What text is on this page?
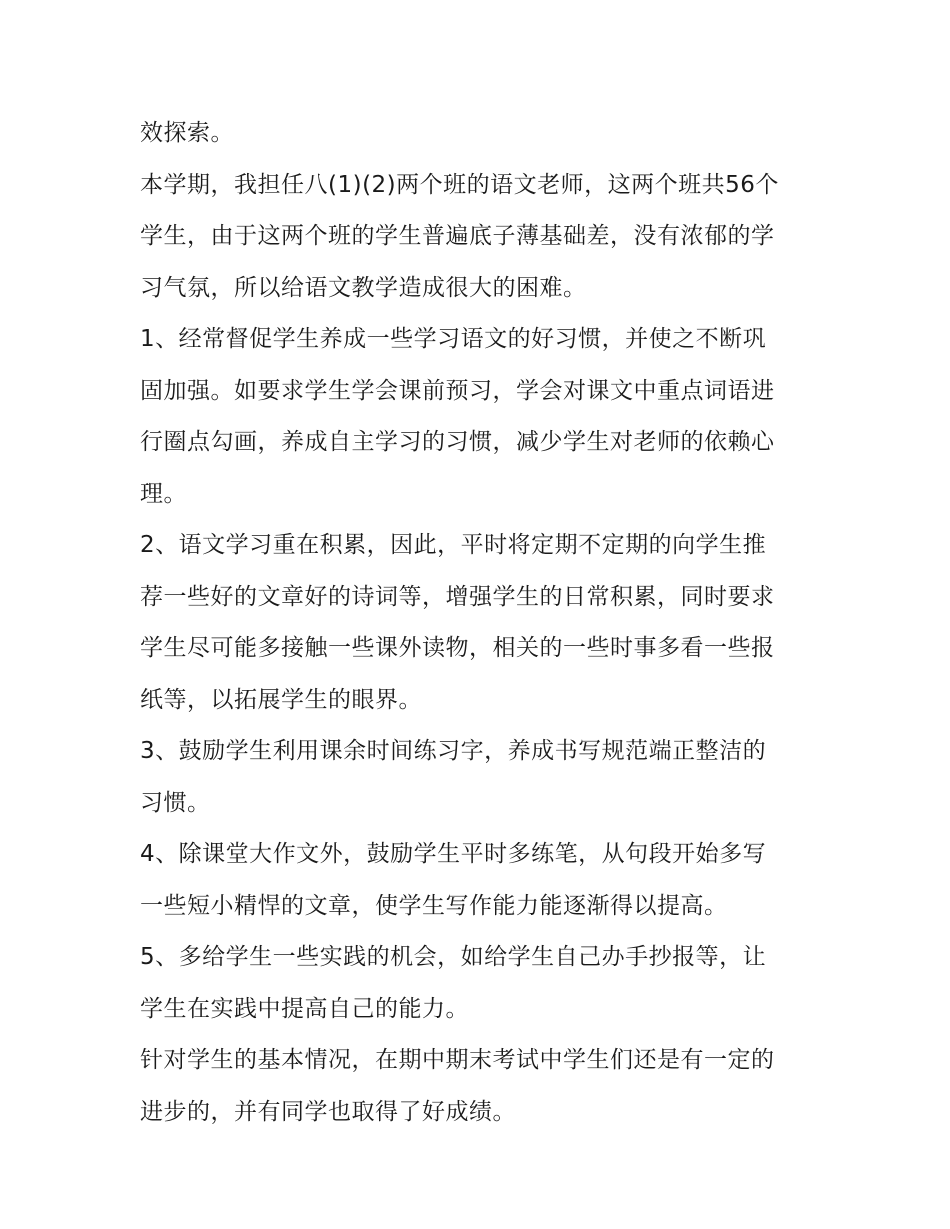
效探索。
本学期，我担任八(1)(2)两个班的语文老师，这两个班共56个
学生，由于这两个班的学生普遍底子薄基础差，没有浓郁的学
习气氛，所以给语文教学造成很大的困难。
1、经常督促学生养成一些学习语文的好习惯，并使之不断巩
固加强。如要求学生学会课前预习，学会对课文中重点词语进
行圈点勾画，养成自主学习的习惯，减少学生对老师的依赖心
理。
2、语文学习重在积累，因此，平时将定期不定期的向学生推
荐一些好的文章好的诗词等，增强学生的日常积累，同时要求
学生尽可能多接触一些课外读物，相关的一些时事多看一些报
纸等，以拓展学生的眼界。
3、鼓励学生利用课余时间练习字，养成书写规范端正整洁的
习惯。
4、除课堂大作文外，鼓励学生平时多练笔，从句段开始多写
一些短小精悍的文章，使学生写作能力能逐渐得以提高。
5、多给学生一些实践的机会，如给学生自己办手抄报等，让
学生在实践中提高自己的能力。
针对学生的基本情况，在期中期末考试中学生们还是有一定的
进步的，并有同学也取得了好成绩。
